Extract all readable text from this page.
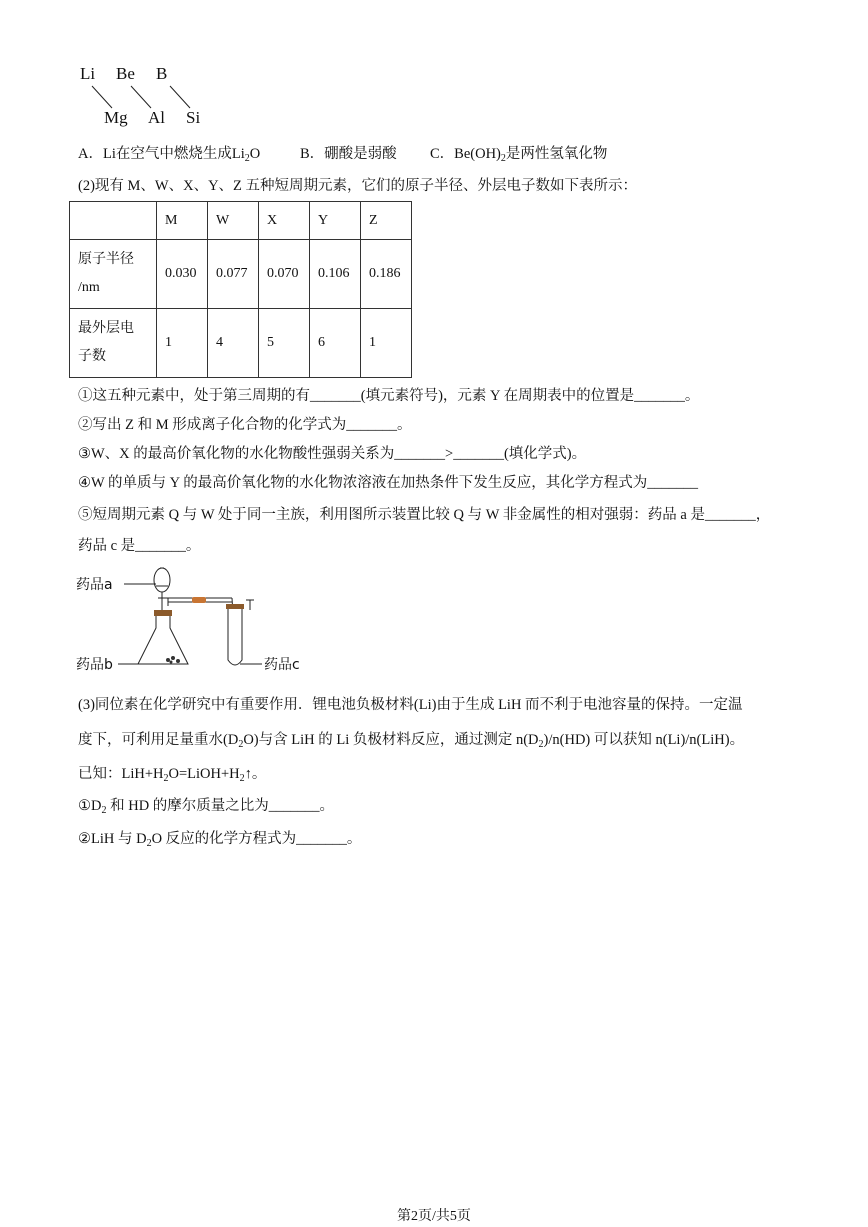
Li Be B
Mg Al Si
A．Li在空气中燃烧生成$Li_2O$	B．硼酸是弱酸 C．$Be(OH)_2$是两性氢氧化物
(2)现有 M、W、X、Y、Z 五种短周期元素，它们的原子半径、外层电子数如下表所示：
	M	W	X	Y	Z

原子半径
/nm	0.030	0.077	0.070	0.106	0.186

最外层电
子数	1	4	5	6	1
①这五种元素中，处于第三周期的有_______(填元素符号)，元素 Y 在周期表中的位置是_______。
②写出 Z 和 M 形成离子化合物的化学式为_______。
③W、X 的最高价氧化物的水化物酸性强弱关系为_______>_______(填化学式)。
④W 的单质与 Y 的最高价氧化物的水化物浓溶液在加热条件下发生反应，其化学方程式为_______
⑤短周期元素 Q 与 W 处于同一主族，利用图所示装置比较 Q 与 W 非金属性的相对强弱：药品 a 是_______，
药品 c 是_______。
药品a
药品b	药品c
(3)同位素在化学研究中有重要作用．锂电池负极材料(Li)由于生成 LiH 而不利于电池容量的保持。一定温
度下，可利用足量重水$(D_2O)$与含 LiH 的 Li 负极材料反应，通过测定 $n(D_2)/n(HD)$ 可以获知 n(Li)/n(LiH)。
已知：$LiH+H_2O=LiOH+H_2↑$。
$①D_2$ 和 HD 的摩尔质量之比为_______。
②LiH 与 $D_2O$ 反应的化学方程式为_______。
第2页/共5页
